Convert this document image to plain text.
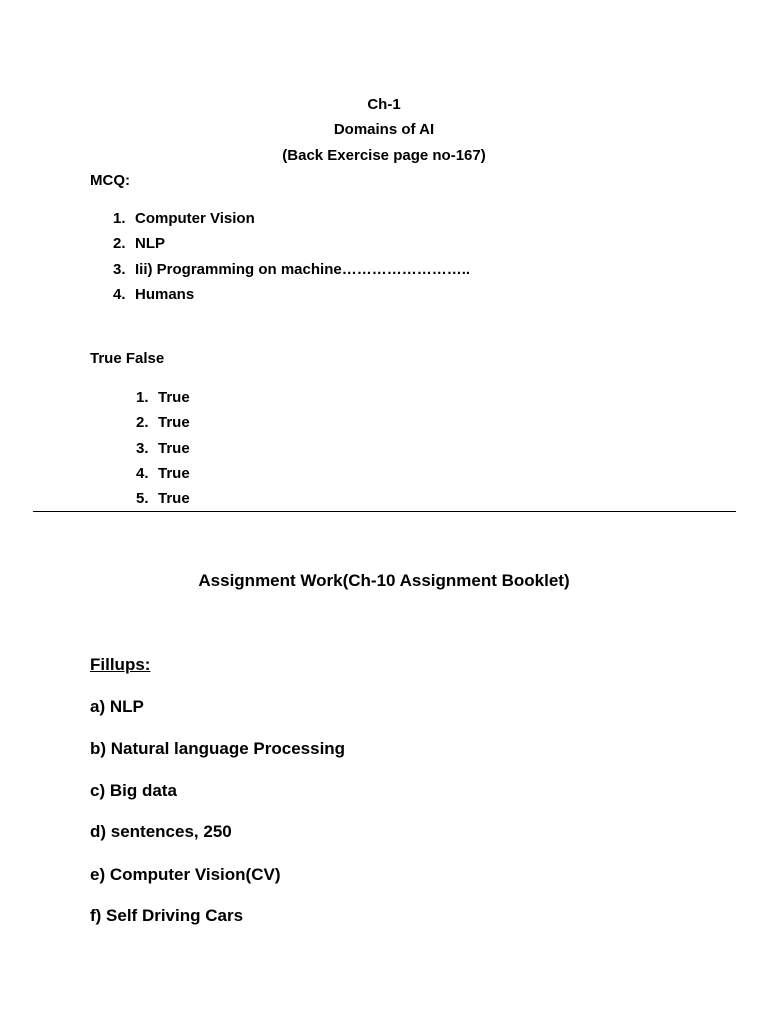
Ch-1
Domains of AI
(Back Exercise page no-167)
MCQ:
1. Computer Vision
2. NLP
3. Iii) Programming on machine……………………..
4. Humans
True False
1. True
2. True
3. True
4. True
5. True
Assignment Work(Ch-10 Assignment Booklet)
Fillups:
a) NLP
b) Natural language Processing
c) Big data
d) sentences, 250
e) Computer Vision(CV)
f) Self Driving Cars
